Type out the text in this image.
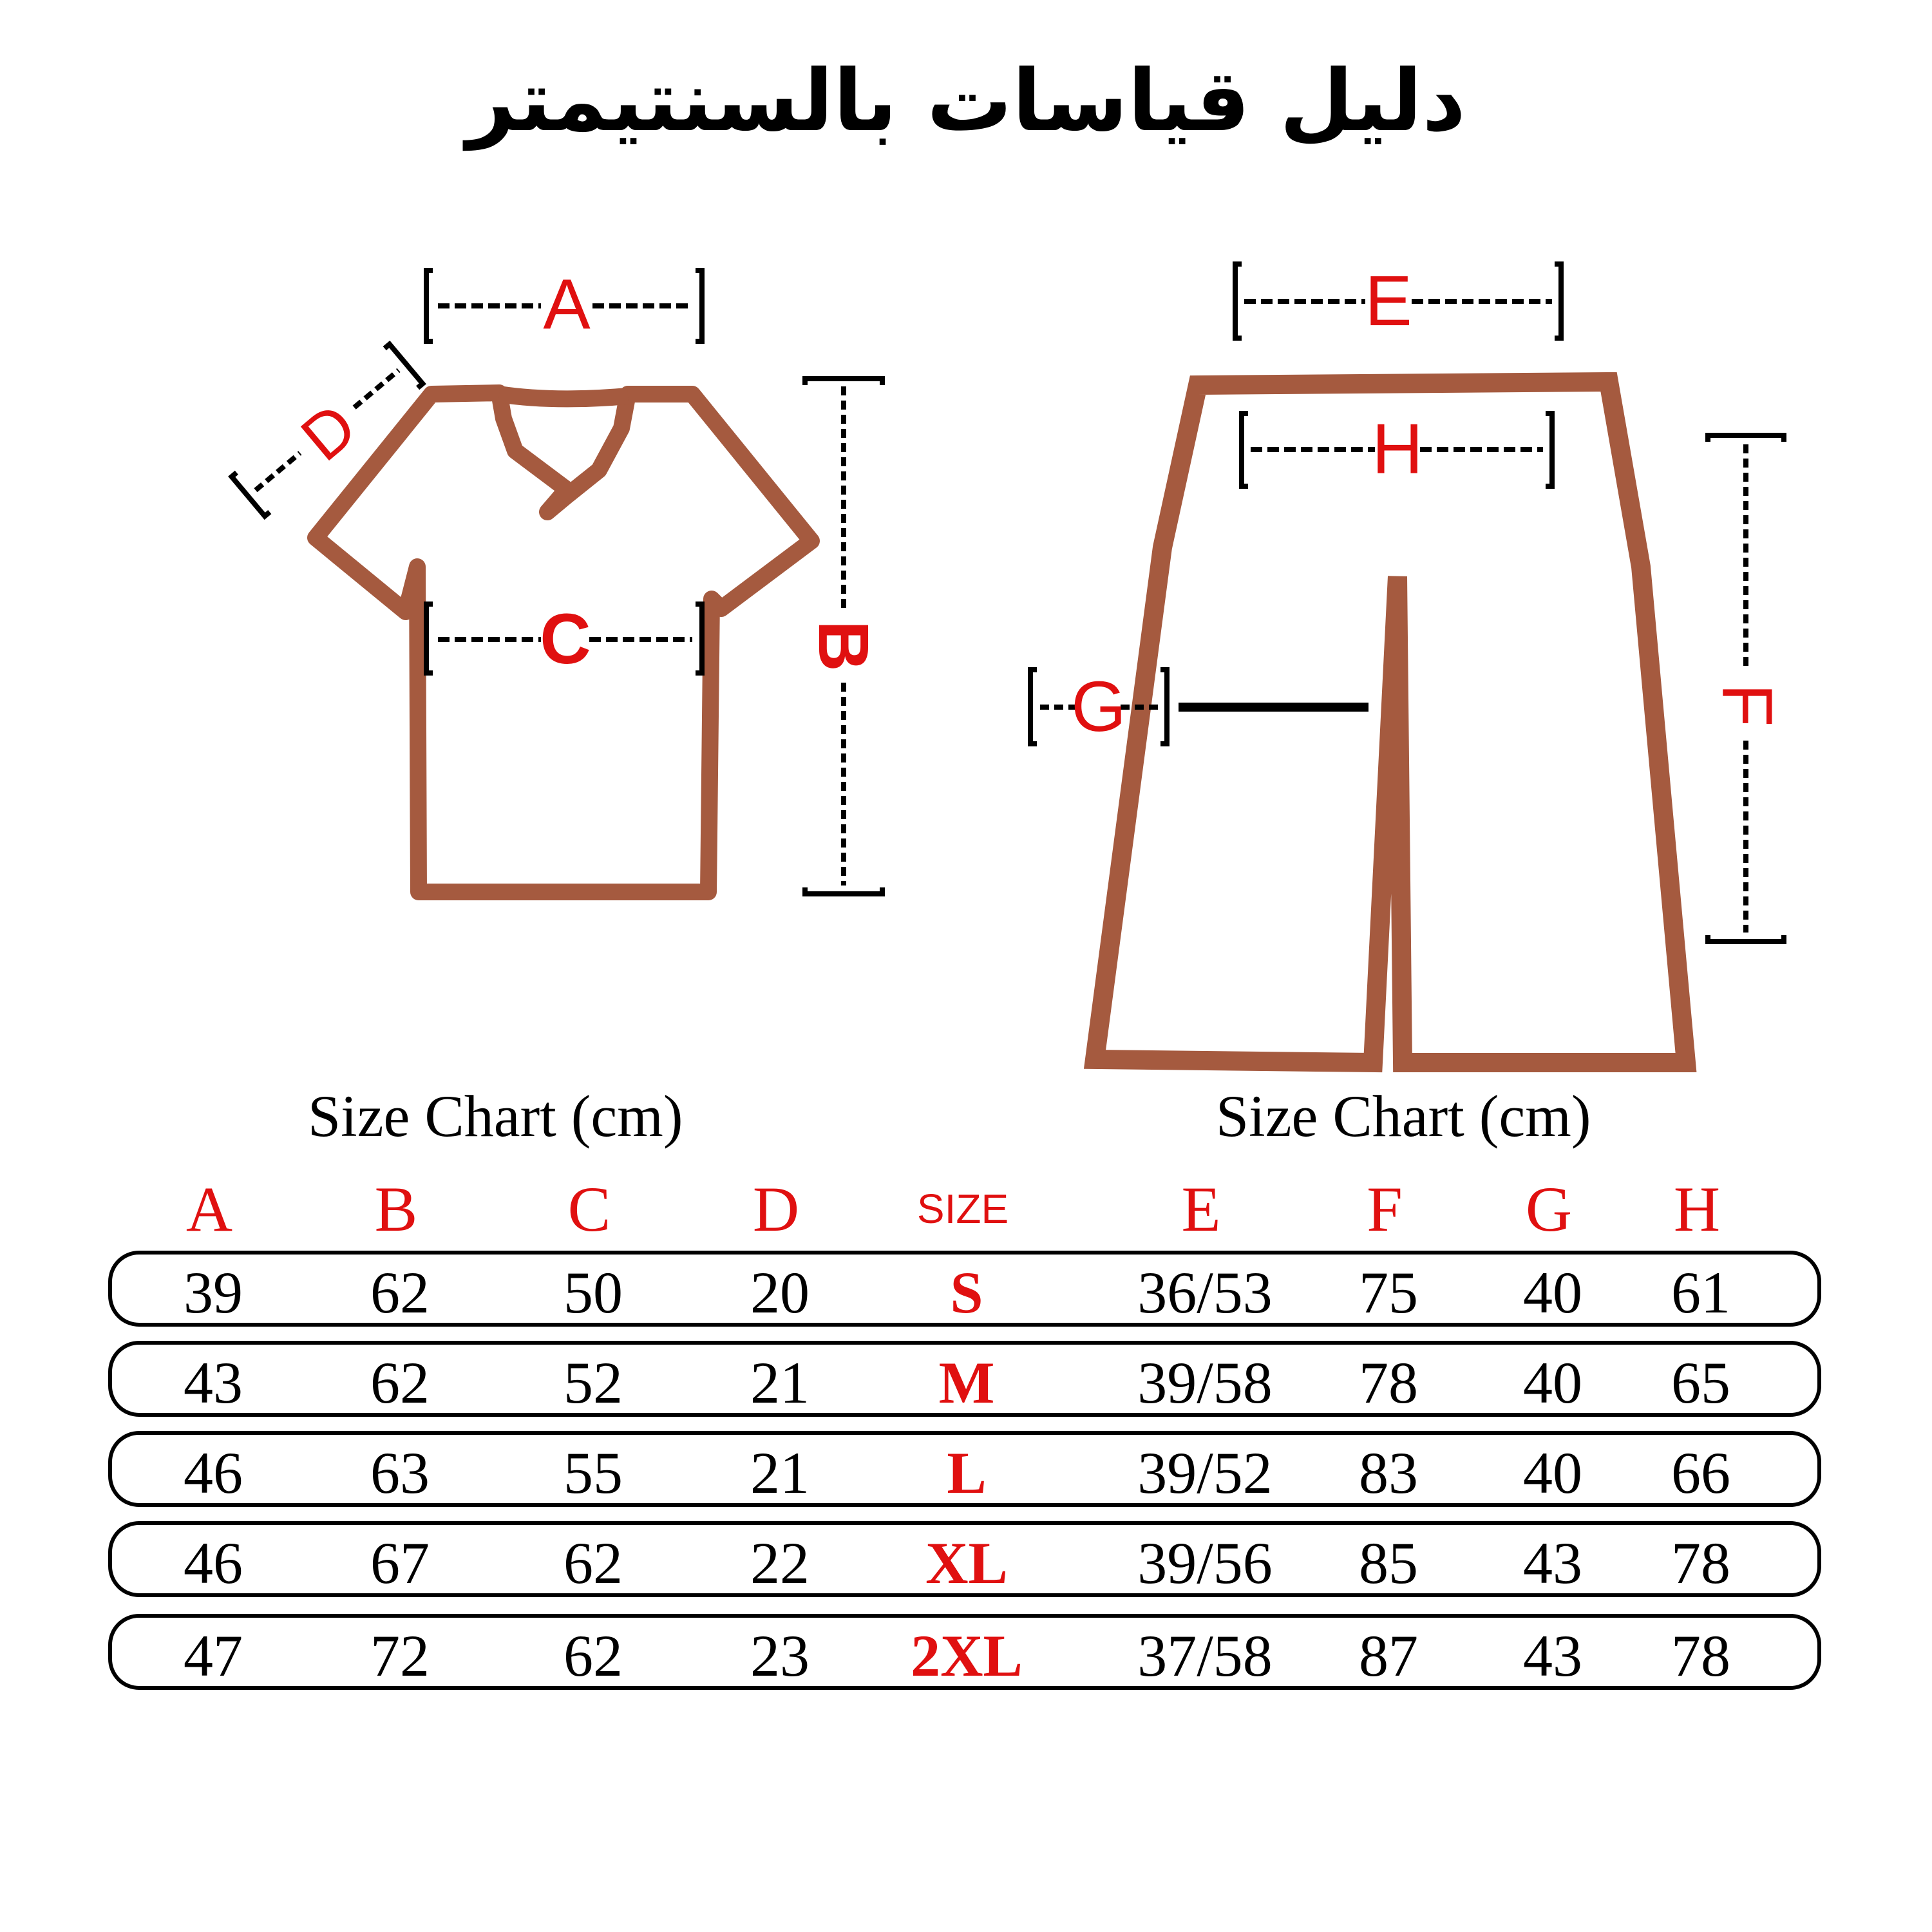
دليل قياسات بالسنتيمتر
A
D
C	B
E
H
G	F
Size Chart (cm)	Size Chart (cm)
A	B	C	D	SIZE	E	F	G	H
39	62	50	20	S	36/53	75	40	61
43	62	52	21	M	39/58	78	40	65
46	63	55	21	L	39/52	83	40	66
46	67	62	22	XL	39/56	85	43	78
47	72	62	23	2XL	37/58	87	43	78
